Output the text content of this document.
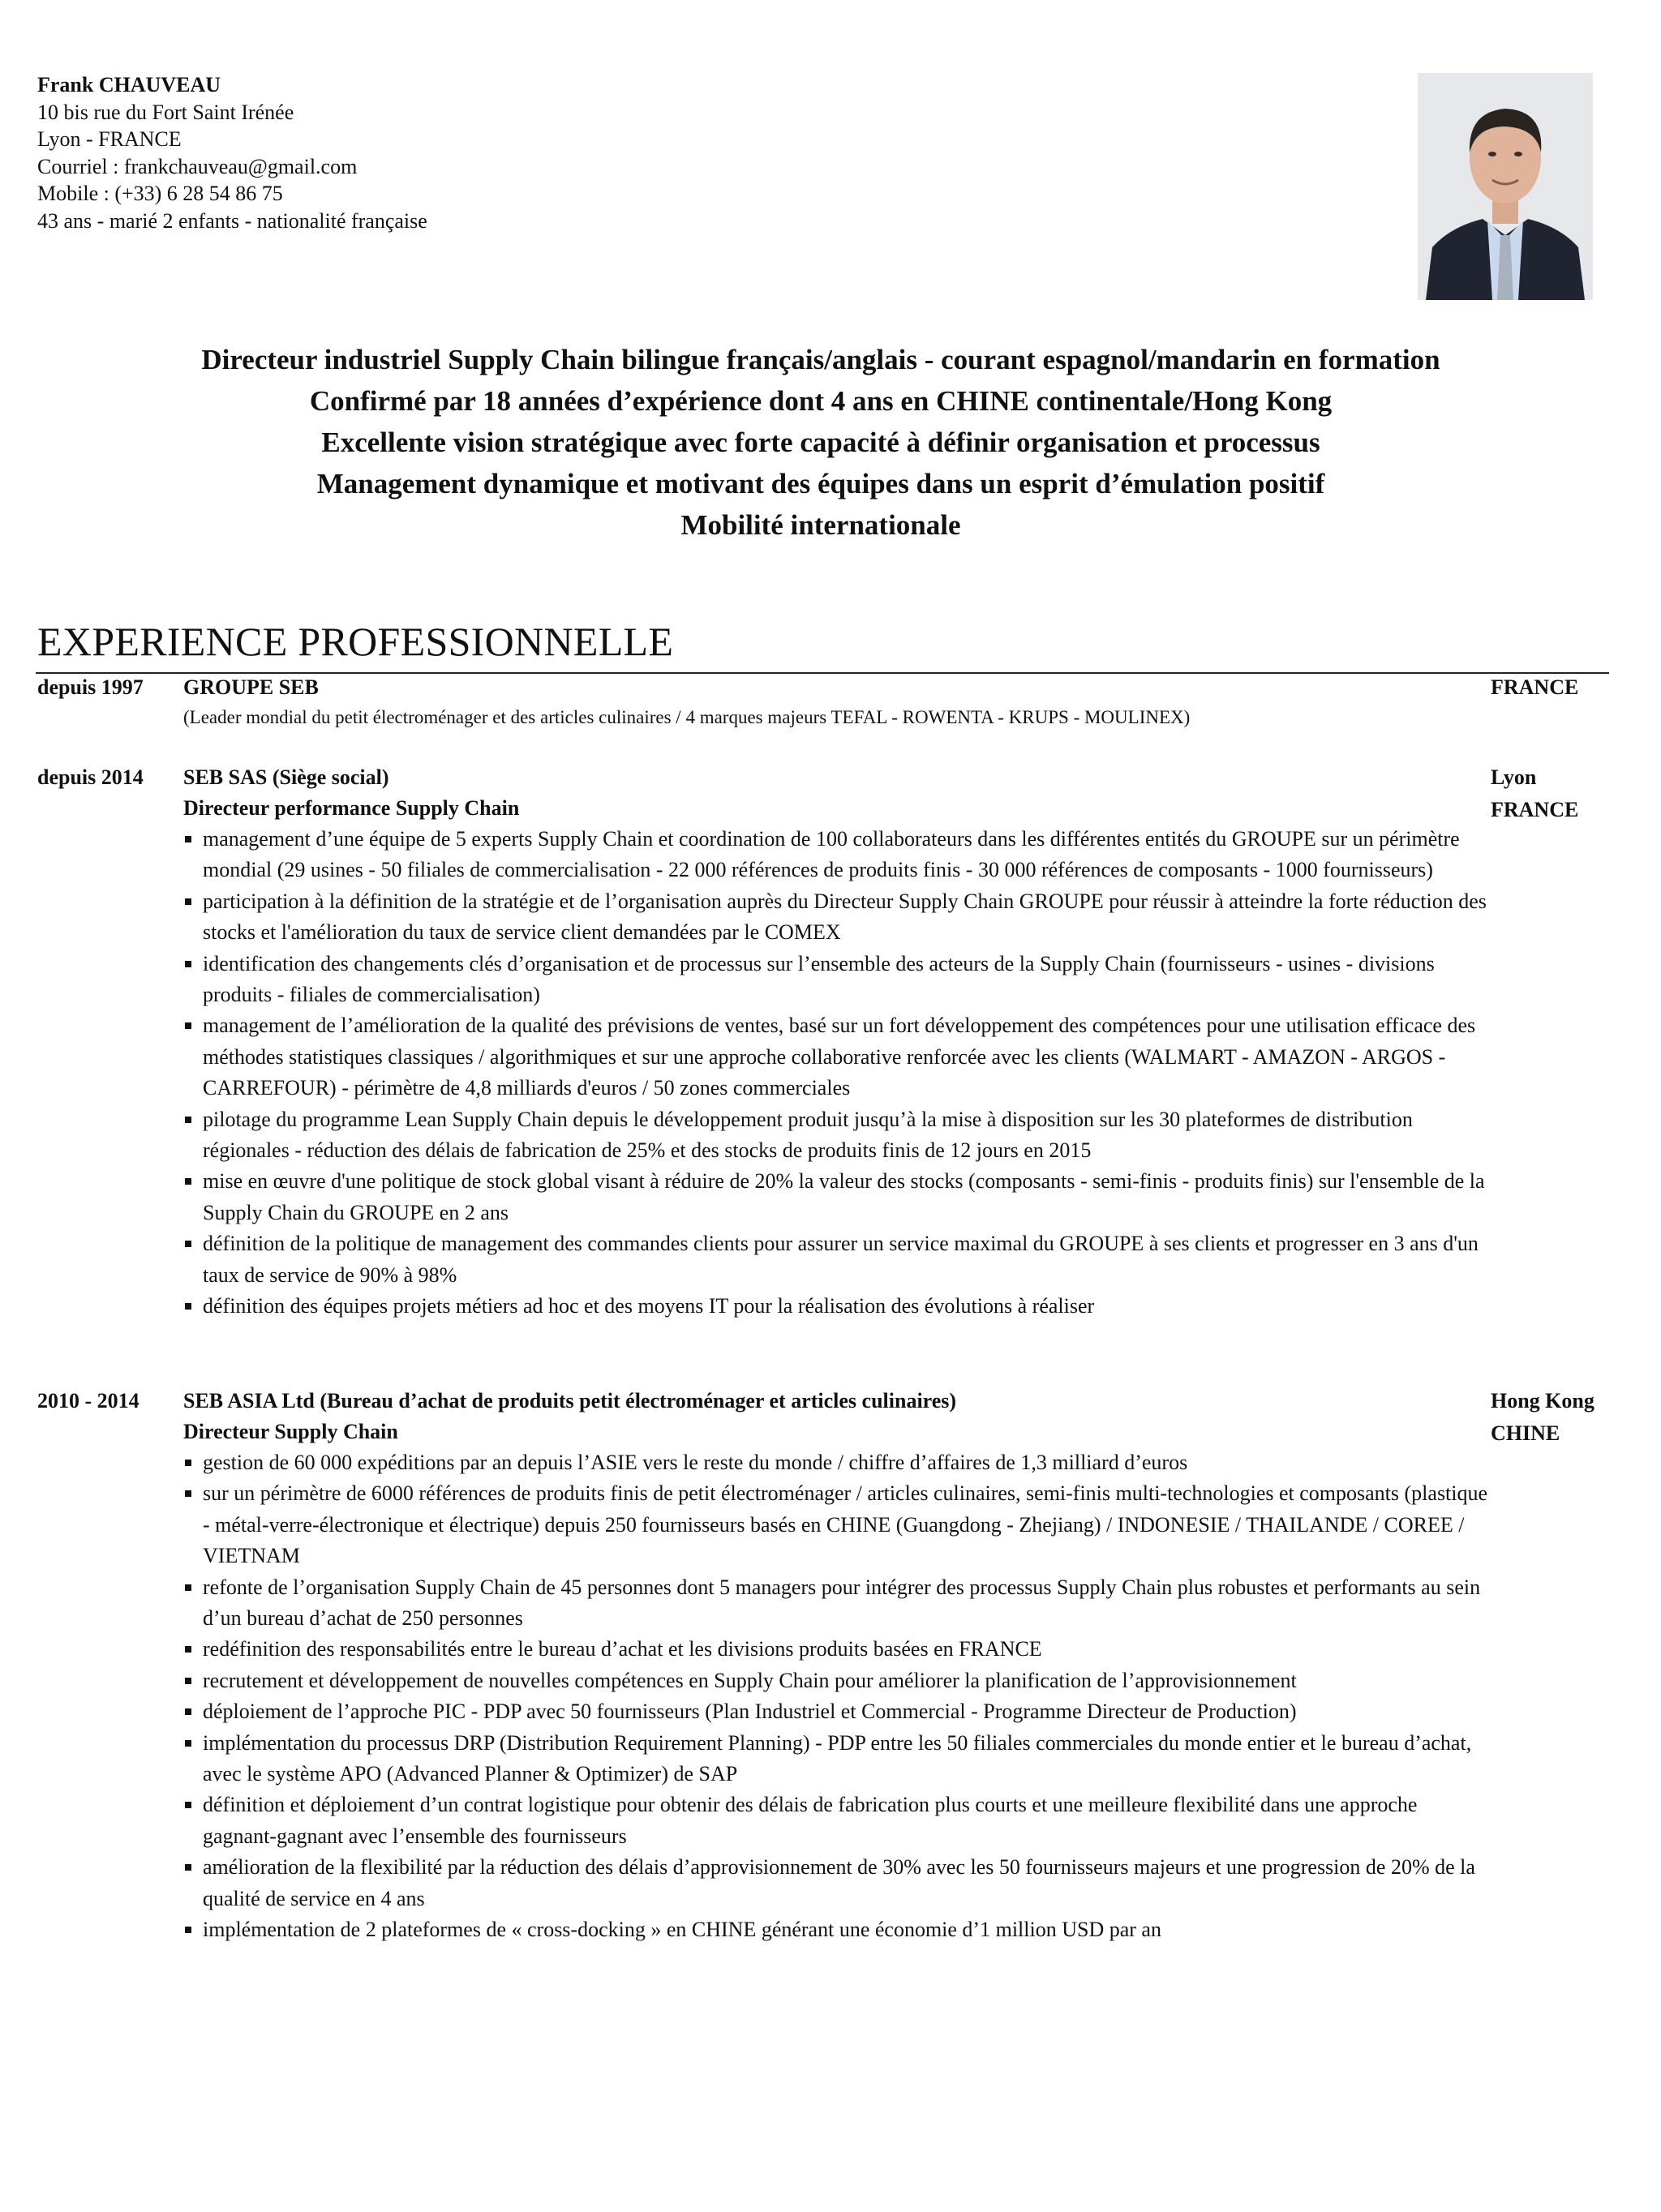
Frank CHAUVEAU
10 bis rue du Fort Saint Irénée
Lyon - FRANCE
Courriel : frankchauveau@gmail.com
Mobile : (+33) 6 28 54 86 75
43 ans - marié 2 enfants - nationalité française
Directeur industriel Supply Chain bilingue français/anglais - courant espagnol/mandarin en formation
Confirmé par 18 années d’expérience dont 4 ans en CHINE continentale/Hong Kong
Excellente vision stratégique avec forte capacité à définir organisation et processus
Management dynamique et motivant des équipes dans un esprit d’émulation positif
Mobilité internationale
EXPERIENCE PROFESSIONNELLE
depuis 1997 GROUPE SEB
(Leader mondial du petit électroménager et des articles culinaires / 4 marques majeurs TEFAL - ROWENTA - KRUPS - MOULINEX)
FRANCE
depuis 2014 SEB SAS (Siège social)
Directeur performance Supply Chain
management d’une équipe de 5 experts Supply Chain et coordination de 100 collaborateurs dans les différentes entités du GROUPE sur un périmètre mondial (29 usines - 50 filiales de commercialisation - 22 000 références de produits finis - 30 000 références de composants - 1000 fournisseurs)
participation à la définition de la stratégie et de l’organisation auprès du Directeur Supply Chain GROUPE pour réussir à atteindre la forte réduction des stocks et l'amélioration du taux de service client demandées par le COMEX
identification des changements clés d’organisation et de processus sur l’ensemble des acteurs de la Supply Chain (fournisseurs - usines - divisions produits - filiales de commercialisation)
management de l’amélioration de la qualité des prévisions de ventes, basé sur un fort développement des compétences pour une utilisation efficace des méthodes statistiques classiques / algorithmiques et sur une approche collaborative renforcée avec les clients (WALMART - AMAZON - ARGOS - CARREFOUR) - périmètre de 4,8 milliards d'euros / 50 zones commerciales
pilotage du programme Lean Supply Chain depuis le développement produit jusqu’à la mise à disposition sur les 30 plateformes de distribution régionales - réduction des délais de fabrication de 25% et des stocks de produits finis de 12 jours en 2015
mise en œuvre d'une politique de stock global visant à réduire de 20% la valeur des stocks (composants - semi-finis - produits finis) sur l'ensemble de la Supply Chain du GROUPE en 2 ans
définition de la politique de management des commandes clients pour assurer un service maximal du GROUPE à ses clients et progresser en 3 ans d'un taux de service de 90% à 98%
définition des équipes projets métiers ad hoc et des moyens IT pour la réalisation des évolutions à réaliser
Lyon
FRANCE
2010 - 2014 SEB ASIA Ltd (Bureau d’achat de produits petit électroménager et articles culinaires)
Directeur Supply Chain
gestion de 60 000 expéditions par an depuis l’ASIE vers le reste du monde / chiffre d’affaires de 1,3 milliard d’euros
sur un périmètre de 6000 références de produits finis de petit électroménager / articles culinaires, semi-finis multi-technologies et composants (plastique - métal-verre-électronique et électrique) depuis 250 fournisseurs basés en CHINE (Guangdong - Zhejiang) / INDONESIE / THAILANDE / COREE / VIETNAM
refonte de l’organisation Supply Chain de 45 personnes dont 5 managers pour intégrer des processus Supply Chain plus robustes et performants au sein d’un bureau d’achat de 250 personnes
redéfinition des responsabilités entre le bureau d’achat et les divisions produits basées en FRANCE
recrutement et développement de nouvelles compétences en Supply Chain pour améliorer la planification de l’approvisionnement
déploiement de l’approche PIC - PDP avec 50 fournisseurs (Plan Industriel et Commercial - Programme Directeur de Production)
implémentation du processus DRP (Distribution Requirement Planning) - PDP entre les 50 filiales commerciales du monde entier et le bureau d’achat, avec le système APO (Advanced Planner & Optimizer) de SAP
définition et déploiement d’un contrat logistique pour obtenir des délais de fabrication plus courts et une meilleure flexibilité dans une approche gagnant-gagnant avec l’ensemble des fournisseurs
amélioration de la flexibilité par la réduction des délais d’approvisionnement de 30% avec les 50 fournisseurs majeurs et une progression de 20% de la qualité de service en 4 ans
implémentation de 2 plateformes de « cross-docking » en CHINE générant une économie d’1 million USD par an
Hong Kong
CHINE
